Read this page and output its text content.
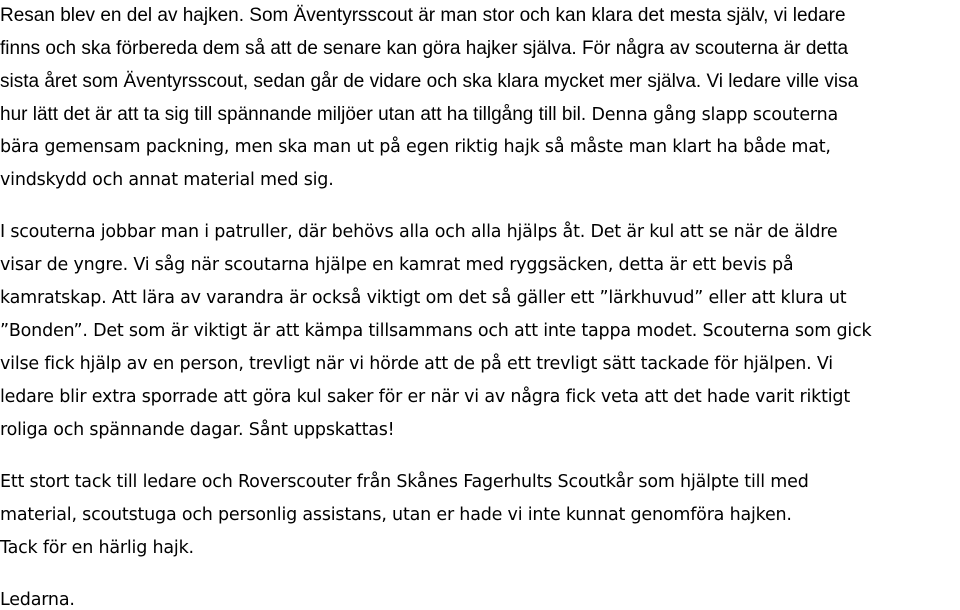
Resan blev en del av hajken. Som Äventyrsscout är man stor och kan klara det mesta själv, vi ledare
finns och ska förbereda dem så att de senare kan göra hajker själva. För några av scouterna är detta
sista året som Äventyrsscout, sedan går de vidare och ska klara mycket mer själva. Vi ledare ville visa
hur lätt det är att ta sig till spännande miljöer utan att ha tillgång till bil. Denna gång slapp scouterna
bära gemensam packning, men ska man ut på egen riktig hajk så måste man klart ha både mat,
vindskydd och annat material med sig.
I scouterna jobbar man i patruller, där behövs alla och alla hjälps åt. Det är kul att se när de äldre
visar de yngre. Vi såg när scoutarna hjälpe en kamrat med ryggsäcken, detta är ett bevis på
kamratskap. Att lära av varandra är också viktigt om det så gäller ett ”lärkhuvud” eller att klura ut
”Bonden”. Det som är viktigt är att kämpa tillsammans och att inte tappa modet. Scouterna som gick
vilse fick hjälp av en person, trevligt när vi hörde att de på ett trevligt sätt tackade för hjälpen. Vi
ledare blir extra sporrade att göra kul saker för er när vi av några fick veta att det hade varit riktigt
roliga och spännande dagar. Sånt uppskattas!
Ett stort tack till ledare och Roverscouter från Skånes Fagerhults Scoutkår som hjälpte till med
material, scoutstuga och personlig assistans, utan er hade vi inte kunnat genomföra hajken.
Tack för en härlig hajk.
Ledarna.
